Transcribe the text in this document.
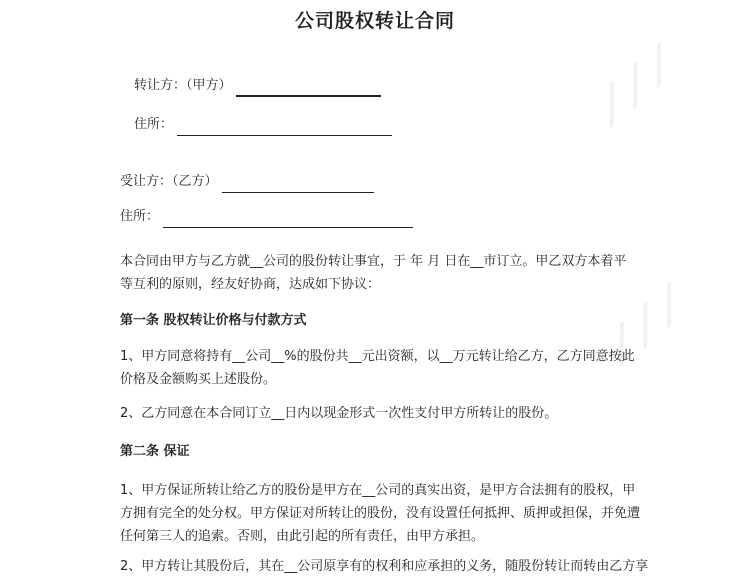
⟋⟋⟋
⟋⟋⟋
公司股权转让合同
转让方：（甲方）
住所：
受让方：（乙方）
住所：
本合同由甲方与乙方就__公司的股份转让事宜，于 年 月 日在__市订立。甲乙双方本着平
等互利的原则，经友好协商，达成如下协议：
第一条 股权转让价格与付款方式
1、甲方同意将持有__公司__%的股份共__元出资额，以__万元转让给乙方，乙方同意按此
价格及金额购买上述股份。
2、乙方同意在本合同订立__日内以现金形式一次性支付甲方所转让的股份。
第二条 保证
1、甲方保证所转让给乙方的股份是甲方在__公司的真实出资，是甲方合法拥有的股权，甲
方拥有完全的处分权。甲方保证对所转让的股份，没有设置任何抵押、质押或担保，并免遭
任何第三人的追索。否则，由此引起的所有责任，由甲方承担。
2、甲方转让其股份后，其在__公司原享有的权利和应承担的义务，随股份转让而转由乙方享
